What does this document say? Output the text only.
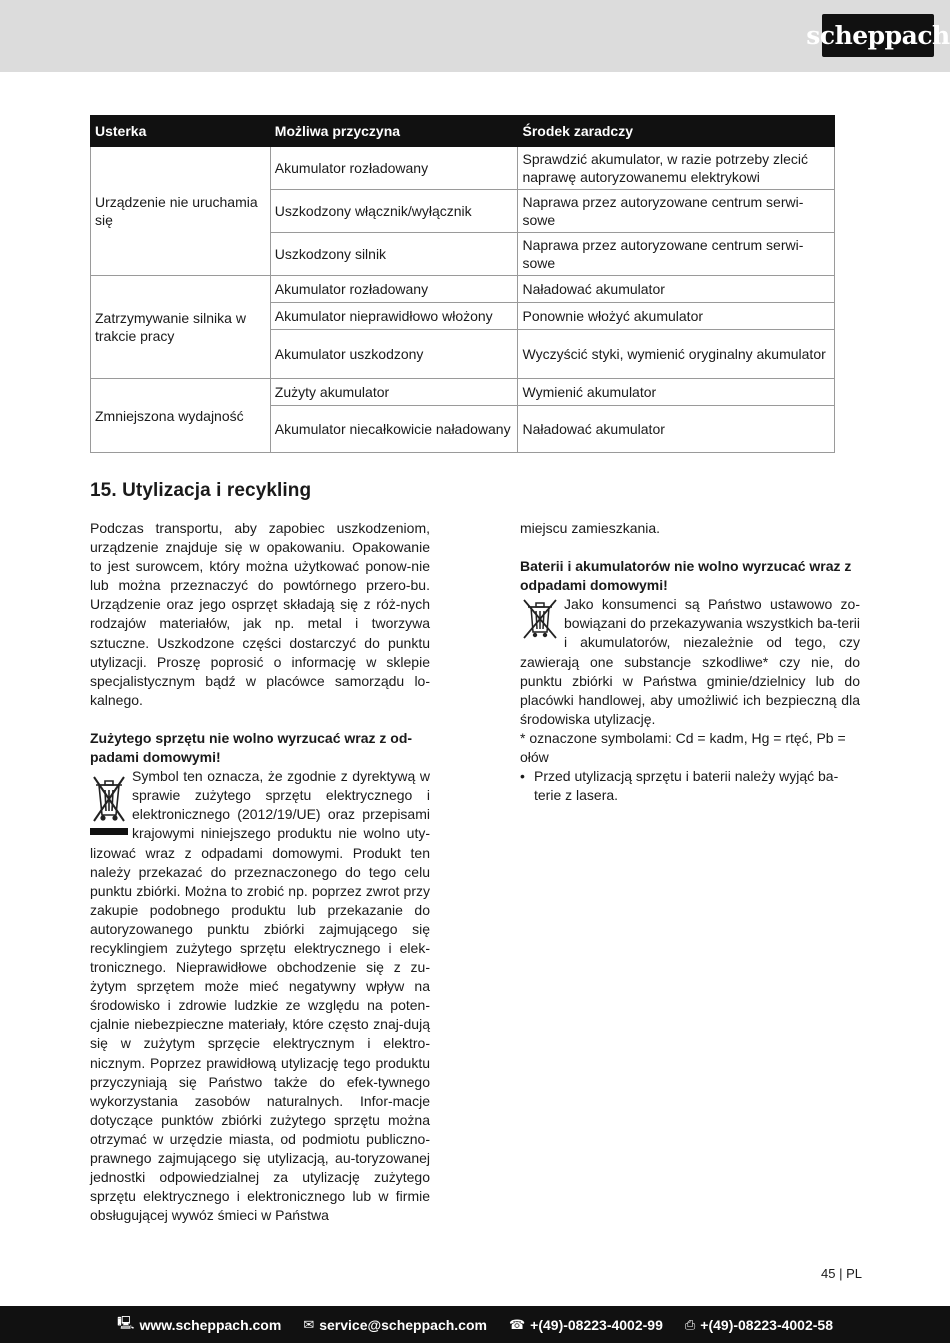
scheppach
Usterka	Możliwa przyczyna	Środek zaradczy
Urządzenie nie uruchamia się	Akumulator rozładowany	Sprawdzić akumulator, w razie potrzeby zlecić naprawę autoryzowanemu elektrykowi
	Uszkodzony włącznik/wyłącznik	Naprawa przez autoryzowane centrum serwi-sowe
	Uszkodzony silnik	Naprawa przez autoryzowane centrum serwi-sowe
Zatrzymywanie silnika w trakcie pracy	Akumulator rozładowany	Naładować akumulator
	Akumulator nieprawidłowo włożony	Ponownie włożyć akumulator
	Akumulator uszkodzony	Wyczyścić styki, wymienić oryginalny akumulator
Zmniejszona wydajność	Zużyty akumulator	Wymienić akumulator
	Akumulator niecałkowicie naładowany	Naładować akumulator
15. Utylizacja i recykling

Podczas transportu, aby zapobiec uszkodzeniom, urządzenie znajduje się w opakowaniu. Opakowanie to jest surowcem, który można użytkować ponow-nie lub można przeznaczyć do powtórnego przero-bu. Urządzenie oraz jego osprzęt składają się z róż-nych rodzajów materiałów, jak np. metal i tworzywa sztuczne. Uszkodzone części dostarczyć do punktu utylizacji. Proszę poprosić o informację w sklepie specjalistycznym bądź w placówce samorządu lo-kalnego.

Zużytego sprzętu nie wolno wyrzucać wraz z od-padami domowymi!

Symbol ten oznacza, że zgodnie z dyrektywą w sprawie zużytego sprzętu elektrycznego i elektronicznego (2012/19/UE) oraz przepisami krajowymi niniejszego produktu nie wolno uty-lizować wraz z odpadami domowymi. Produkt ten należy przekazać do przeznaczonego do tego celu punktu zbiórki. Można to zrobić np. poprzez zwrot przy zakupie podobnego produktu lub przekazanie do autoryzowanego punktu zbiórki zajmującego się recyklingiem zużytego sprzętu elektrycznego i elek-tronicznego. Nieprawidłowe obchodzenie się z zu-żytym sprzętem może mieć negatywny wpływ na środowisko i zdrowie ludzkie ze względu na poten-cjalnie niebezpieczne materiały, które często znaj-dują się w zużytym sprzęcie elektrycznym i elektro-nicznym. Poprzez prawidłową utylizację tego produktu przyczyniają się Państwo także do efek-tywnego wykorzystania zasobów naturalnych. Infor-macje dotyczące punktów zbiórki zużytego sprzętu można otrzymać w urzędzie miasta, od podmiotu publiczno-prawnego zajmującego się utylizacją, au-toryzowanej jednostki odpowiedzialnej za utylizację zużytego sprzętu elektrycznego i elektronicznego lub w firmie obsługującej wywóz śmieci w Państwa

miejscu zamieszkania.

Baterii i akumulatorów nie wolno wyrzucać wraz z odpadami domowymi!

Jako konsumenci są Państwo ustawowo zo-bowiązani do przekazywania wszystkich ba-terii i akumulatorów, niezależnie od tego, czy zawierają one substancje szkodliwe* czy nie, do punktu zbiórki w Państwa gminie/dzielnicy lub do placówki handlowej, aby umożliwić ich bezpieczną dla środowiska utylizację.

* oznaczone symbolami: Cd = kadm, Hg = rtęć, Pb = ołów

• Przed utylizacją sprzętu i baterii należy wyjąć ba-terie z lasera.
45 | PL
🖳 www.scheppach.com ✉ service@scheppach.com ☎ +(49)-08223-4002-99 ⎙ +(49)-08223-4002-58
